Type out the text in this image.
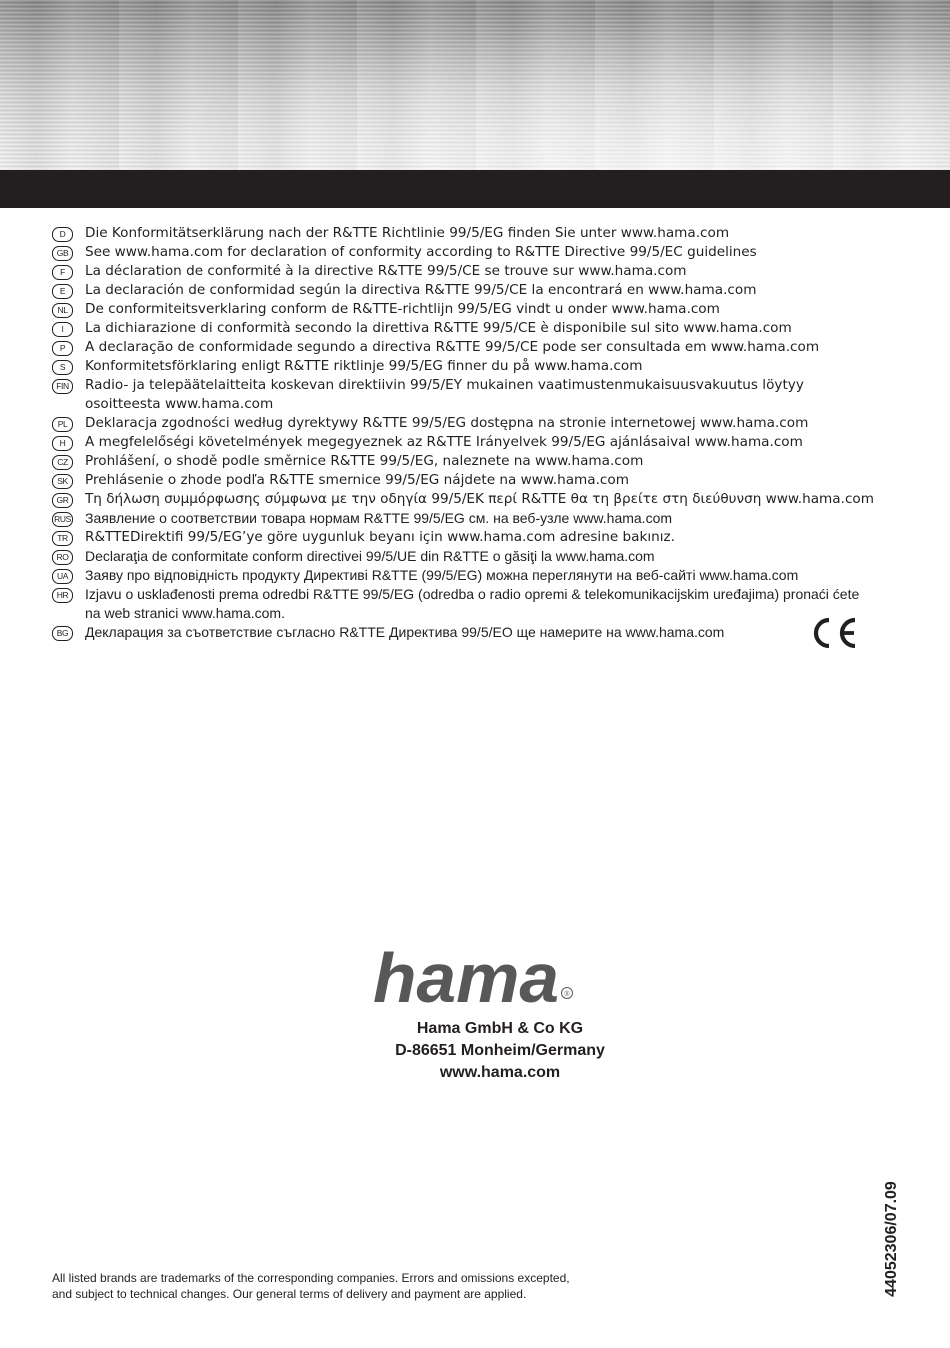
D	Die Konformitätserklärung nach der R&TTE Richtlinie 99/5/EG finden Sie unter www.hama.com
GB	See www.hama.com for declaration of conformity according to R&TTE Directive 99/5/EC guidelines
F	La déclaration de conformité à la directive R&TTE 99/5/CE se trouve sur www.hama.com
E	La declaración de conformidad según la directiva R&TTE 99/5/CE la encontrará en www.hama.com
NL	De conformiteitsverklaring conform de R&TTE-richtlijn 99/5/EG vindt u onder www.hama.com
I	La dichiarazione di conformità secondo la direttiva R&TTE 99/5/CE è disponibile sul sito www.hama.com
P	A declaração de conformidade segundo a directiva R&TTE 99/5/CE pode ser consultada em www.hama.com
S	Konformitetsförklaring enligt R&TTE riktlinje 99/5/EG finner du på www.hama.com
FIN	Radio- ja telepäätelaitteita koskevan direktiivin 99/5/EY mukainen vaatimustenmukaisuusvakuutus löytyy osoitteesta www.hama.com
PL	Deklaracja zgodności według dyrektywy R&TTE 99/5/EG dostępna na stronie internetowej www.hama.com
H	A megfelelőségi követelmények megegyeznek az R&TTE Irányelvek 99/5/EG ajánlásaival www.hama.com
CZ	Prohlášení, o shodě podle směrnice R&TTE 99/5/EG, naleznete na www.hama.com
SK	Prehlásenie o zhode podľa R&TTE smernice 99/5/EG nájdete na www.hama.com
GR	Τη δήλωση συμμόρφωσης σύμφωνα με την οδηγία 99/5/ΕΚ περί R&TTE θα τη βρείτε στη διεύθυνση www.hama.com
RUS Заявление о соответствии товара нормам R&TTE 99/5/EG см. на веб-узле www.hama.com
TR	R&TTEDirektifi 99/5/EG’ye göre uygunluk beyanı için www.hama.com adresine bakınız.
RO	Declaraţia de conformitate conform directivei 99/5/UE din R&TTE o găsiţi la www.hama.com
UA	Заяву про відповідність продукту Директиві R&TTE (99/5/EG) можна переглянути на веб-сайті www.hama.com
HR	Izjavu o usklađenosti prema odredbi R&TTE 99/5/EG (odredba o radio opremi & telekomunikacijskim uređajima) pronaći ćete na web stranici www.hama.com.
BG	Декларация за съответствие съгласно R&TTE Директива 99/5/EO ще намерите на www.hama.com
hama ®
Hama GmbH & Co KG
D-86651 Monheim/Germany
www.hama.com
All listed brands are trademarks of the corresponding companies. Errors and omissions excepted,
and subject to technical changes. Our general terms of delivery and payment are applied.	44052306/07.09
